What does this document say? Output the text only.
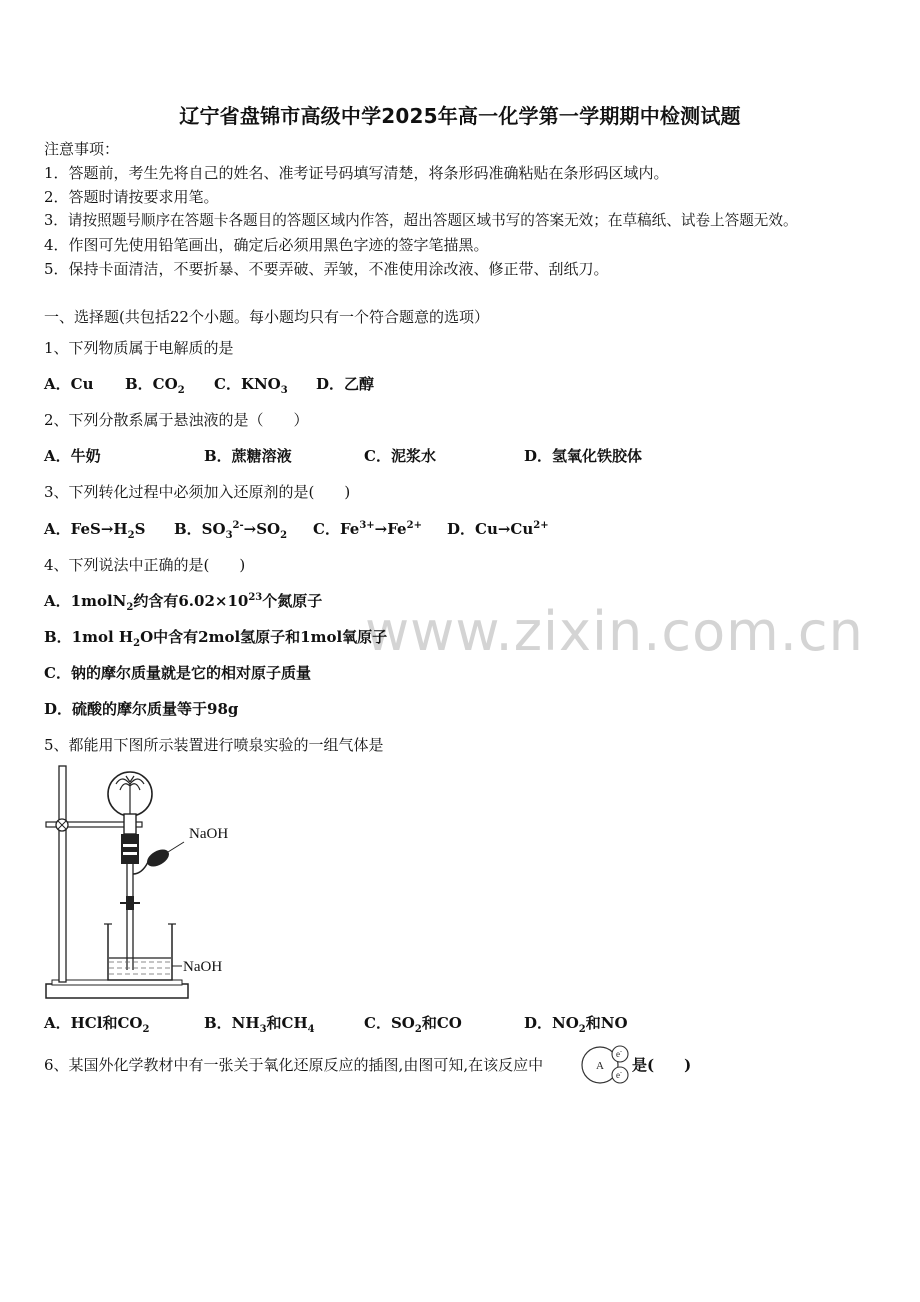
www.zixin.com.cn
辽宁省盘锦市高级中学2025年高一化学第一学期期中检测试题
注意事项：
1．答题前，考生先将自己的姓名、准考证号码填写清楚，将条形码准确粘贴在条形码区域内。
2．答题时请按要求用笔。
3．请按照题号顺序在答题卡各题目的答题区域内作答，超出答题区域书写的答案无效；在草稿纸、试卷上答题无效。
4．作图可先使用铅笔画出，确定后必须用黑色字迹的签字笔描黑。
5．保持卡面清洁，不要折暴、不要弄破、弄皱，不准使用涂改液、修正带、刮纸刀。
一、选择题(共包括22个小题。每小题均只有一个符合题意的选项）
1、下列物质属于电解质的是
A．Cu B．$CO_2$ C．$KNO_3$ D．乙醇
2、下列分散系属于悬浊液的是（　　）
A．牛奶	B．蔗糖溶液	C．泥浆水	D．氢氧化铁胶体
3、下列转化过程中必须加入还原剂的是(　　)
A．$FeS\to H_2S$ B．$SO_3^{2-}\to SO_2$ C．$Fe^{3+}\to Fe^{2+}$ D．$Cu\to Cu^{2+}$
4、下列说法中正确的是(　　)
A．1molN$_2$约含有$6.02\times 10^{23}$个氮原子
B．1mol $H_2O$中含有2mol氢原子和1mol氧原子
C．钠的摩尔质量就是它的相对原子质量
D．硫酸的摩尔质量等于98g
5、都能用下图所示装置进行喷泉实验的一组气体是
NaOH
NaOH
A．HCl和$CO_2$	B．$NH_3$和$CH_4$	C．$SO_2$和CO	D．$NO_2$和NO
6、某国外化学教材中有一张关于氧化还原反应的插图,由图可知,在该反应中	A
e-
e- 是(　　)
